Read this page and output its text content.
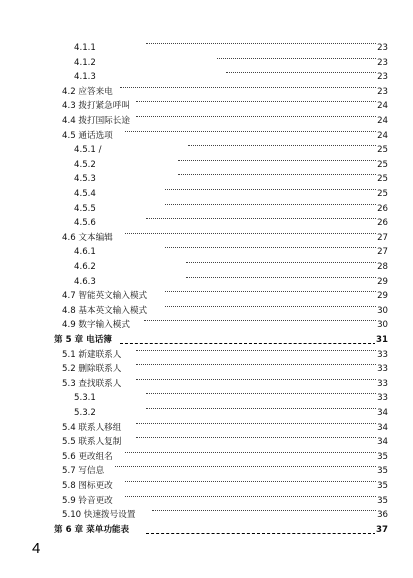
4.1.1	23
4.1.2	23
4.1.3	23
4.2 应答来电	23
4.3 拨打紧急呼叫	24
4.4 拨打国际长途	24
4.5 通话选项	24
4.5.1 /	25
4.5.2	25
4.5.3	25
4.5.4	25
4.5.5	26
4.5.6	26
4.6 文本编辑	27
4.6.1	27
4.6.2	28
4.6.3	29
4.7 智能英文输入模式	29
4.8 基本英文输入模式	30
4.9 数字输入模式	30
第 5 章 电话簿	31
5.1 新建联系人	33
5.2 删除联系人	33
5.3 查找联系人	33
5.3.1	33
5.3.2	34
5.4 联系人移组	34
5.5 联系人复制	34
5.6 更改组名	35
5.7 写信息	35
5.8 图标更改	35
5.9 铃音更改	35
5.10 快速拨号设置	36
第 6 章 菜单功能表	37
4
